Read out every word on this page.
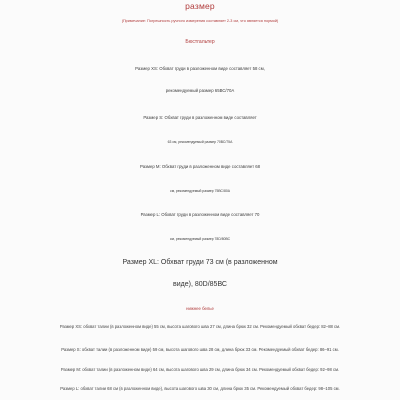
размер
(Примечание: Погрешность ручного измерения составляет 2-3 см, что является нормой)
Бюстгальтер
Размер XS: Обхват груди в разложенном виде составляет 58 см,
рекомендуемый размер 65ВС/70А
Размер S: Обхват груди в разложенном виде составляет
63 см, рекомендуемый размер 70ВС/75А
Размер M: Обхват груди в разложенном виде составляет 68
см, рекомендуемый размер 75ВС/80А
Размер L: Обхват груди в разложенном виде составляет 70
см, рекомендуемый размер 78D/80ВС
Размер XL: Обхват груди 73 см (в разложенном
виде), 80D/85ВС
нижнее белье
Размер XS: обхват талии (в разложенном виде) 55 см, высота шагового шва 27 см, длина брюк 32 см. Рекомендуемый обхват бедер: 82–88 см.
Размер S: обхват талии (в разложенном виде) 59 см, высота шагового шва 28 см, длина брюк 33 см. Рекомендуемый обхват бедер: 86–91 см.
Размер M: обхват талии (в разложенном виде) 64 см, высота шагового шва 29 см, длина брюк 34 см. Рекомендуемый обхват бедер: 92–98 см.
Размер L: обхват талии 68 см (в разложенном виде), высота шагового шва 30 см, длина брюк 35 см. Рекомендуемый обхват бедер: 98–105 см.
